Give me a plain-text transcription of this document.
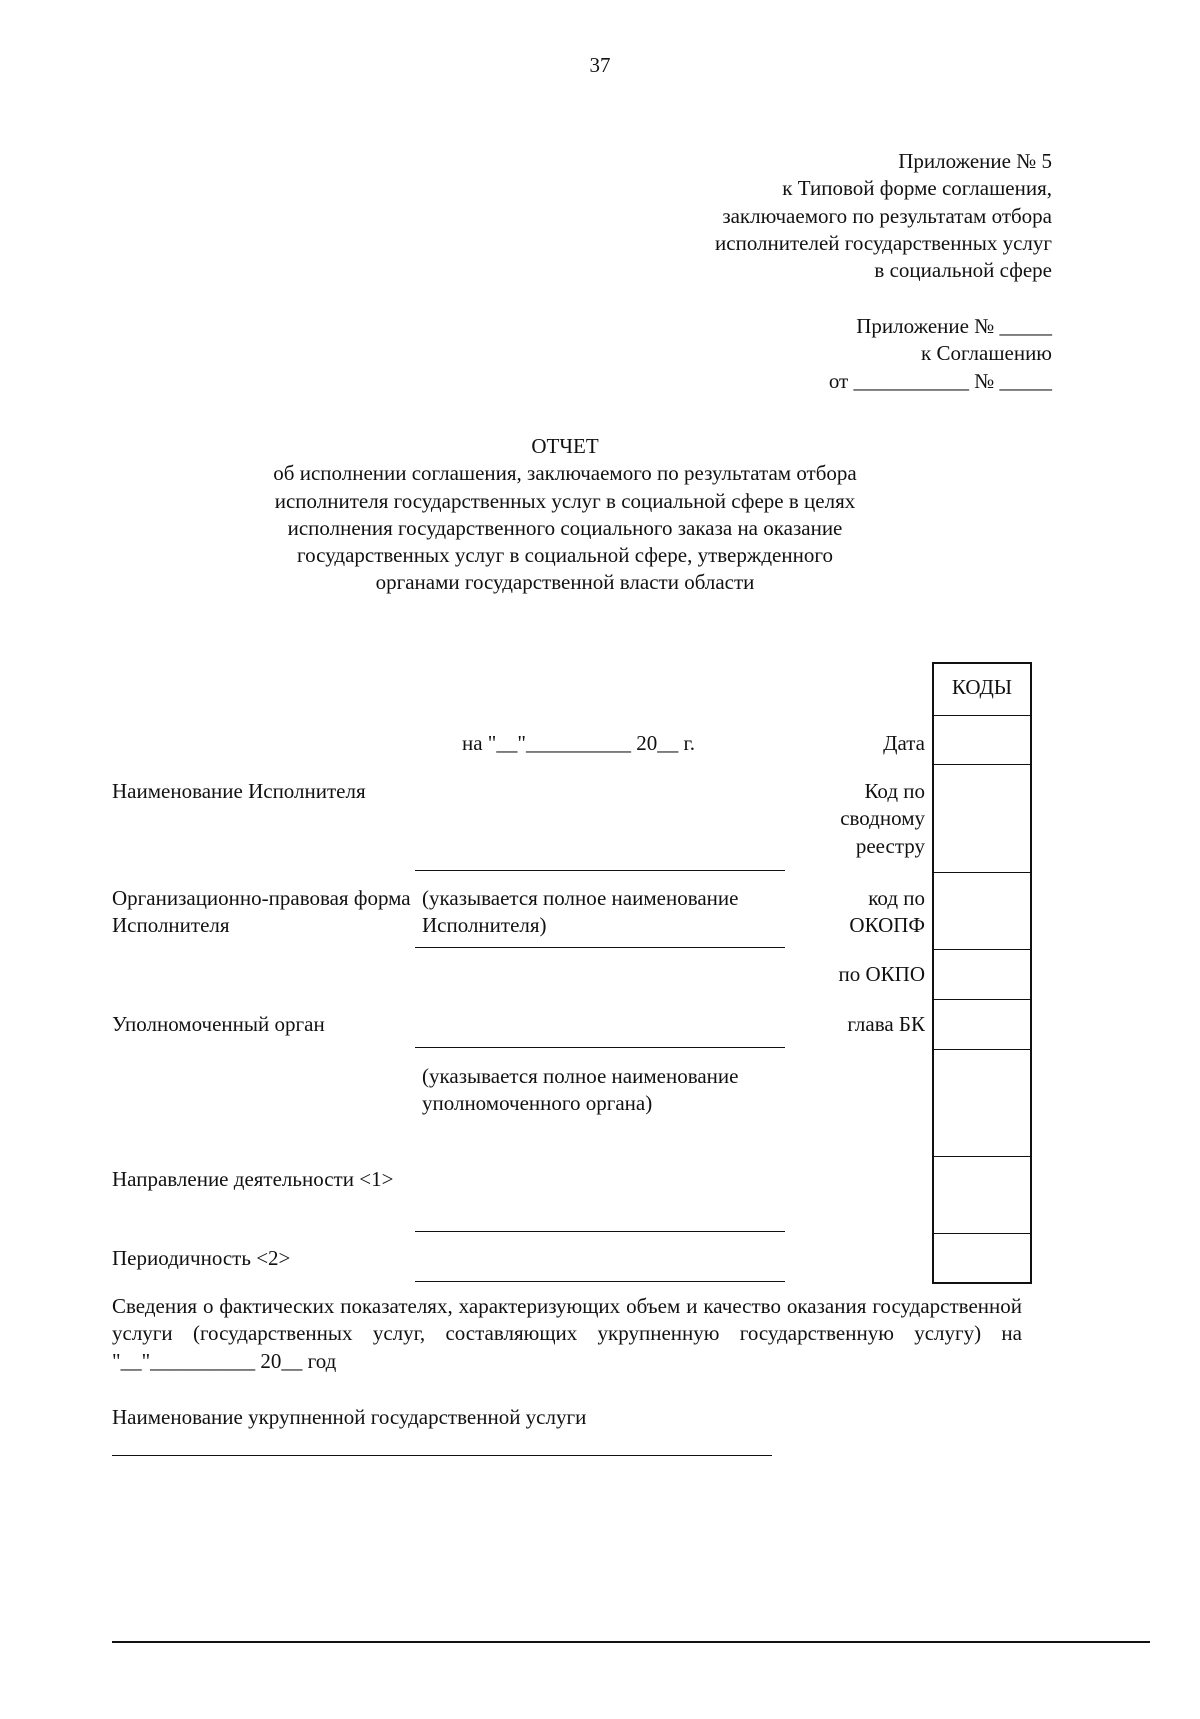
37
Приложение № 5
к Типовой форме соглашения,
заключаемого по результатам отбора
исполнителей государственных услуг
в социальной сфере
Приложение № _____
к Соглашению
от ___________ № _____
ОТЧЕТ
об исполнении соглашения, заключаемого по результатам отбора
исполнителя государственных услуг в социальной сфере в целях
исполнения государственного социального заказа на оказание
государственных услуг в социальной сфере, утвержденного
органами государственной власти области
КОДЫ
на "__"__________ 20__ г.	Дата
Код по сводному реестру
код по ОКОПФ
по ОКПО
глава БК
Наименование Исполнителя
Организационно-правовая форма Исполнителя
Уполномоченный орган
Направление деятельности <1>
Периодичность <2>
(указывается полное наименование Исполнителя)
(указывается полное наименование уполномоченного органа)
Сведения о фактических показателях, характеризующих объем и качество оказания государственной услуги (государственных услуг, составляющих укрупненную государственную услугу) на "__"__________ 20__ год
Наименование укрупненной государственной услуги
